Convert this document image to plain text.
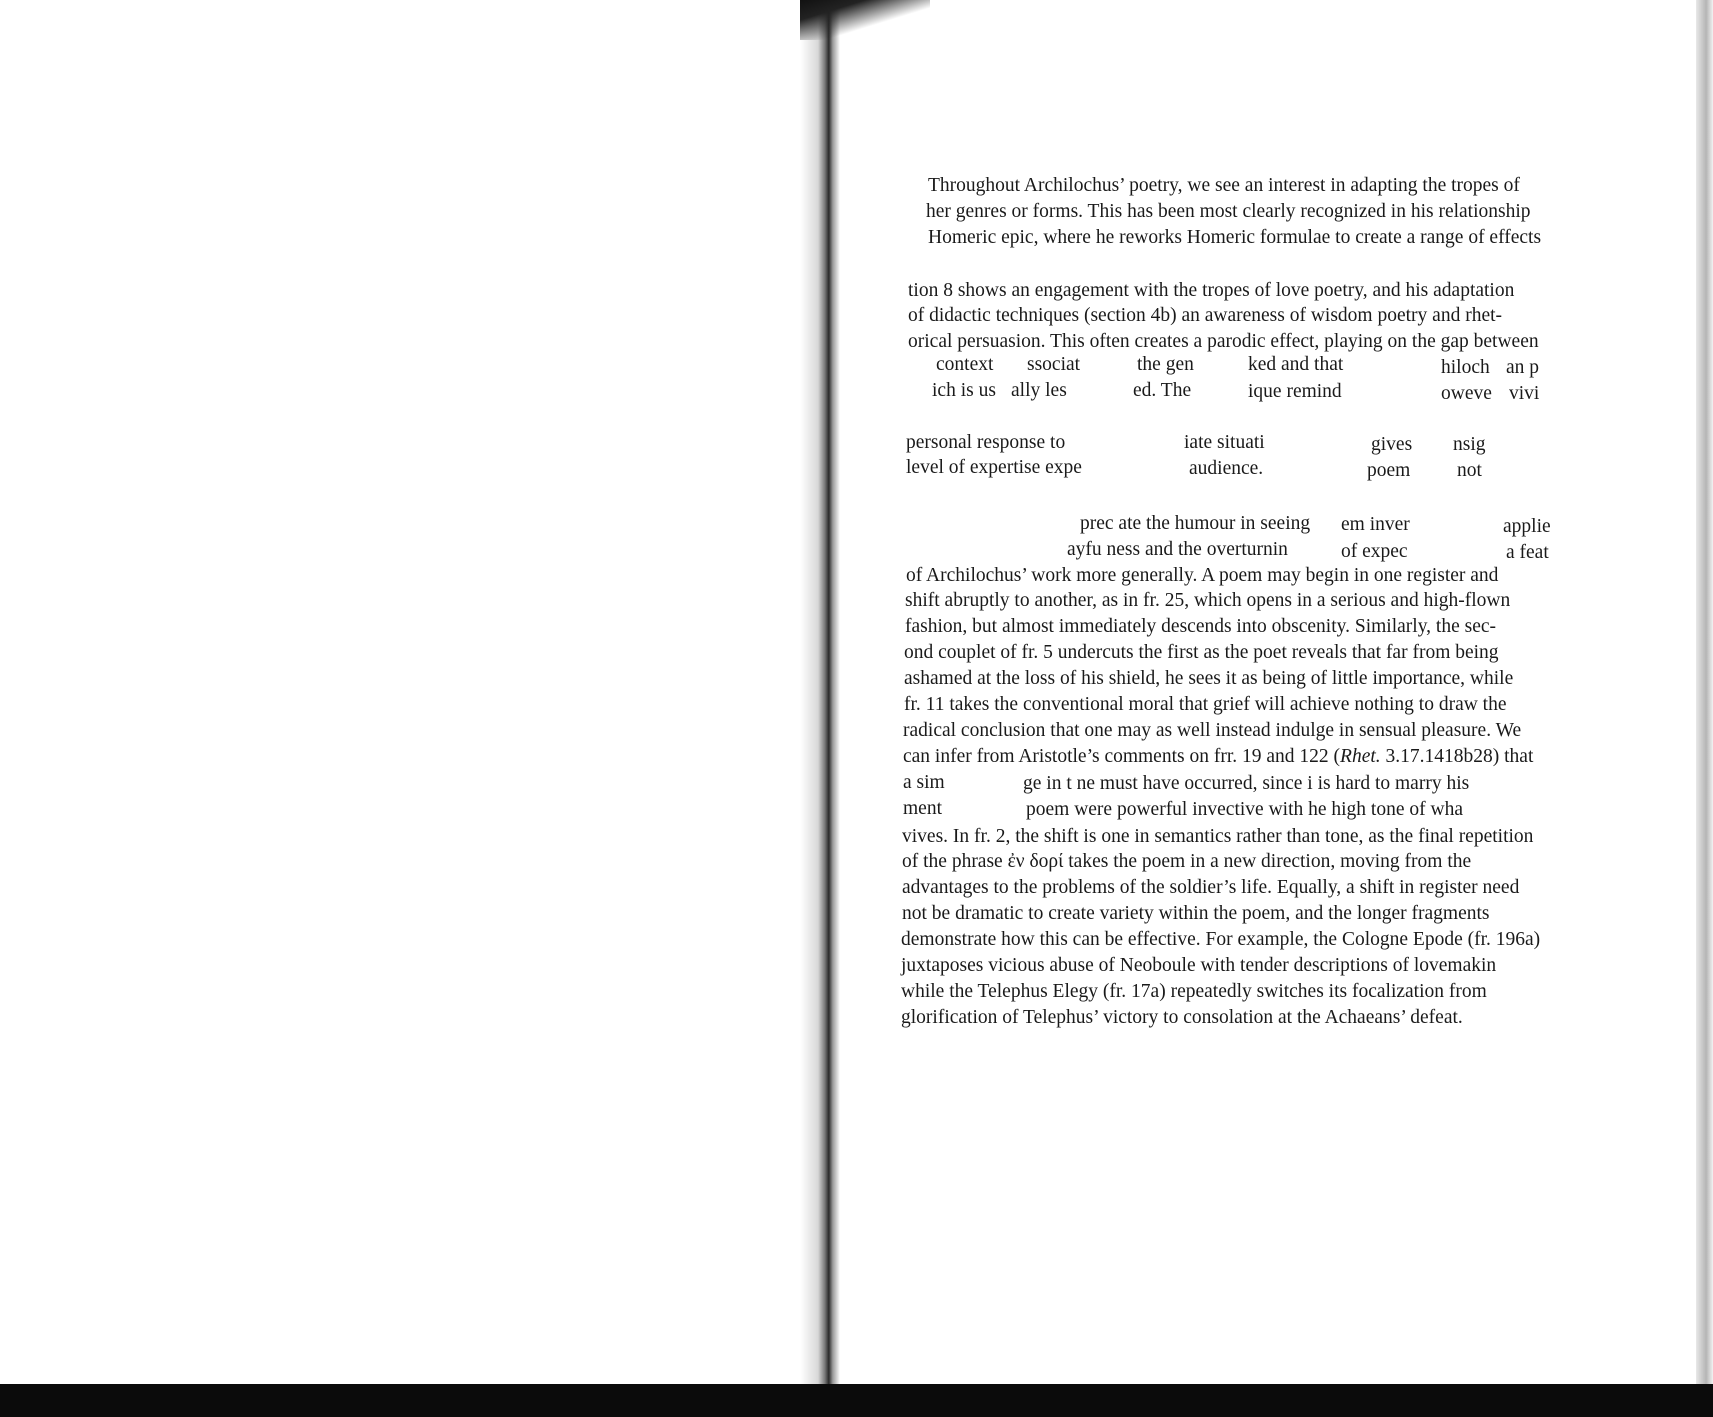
Throughout Archilochus’ poetry, we see an interest in adapting the tropes of
her genres or forms. This has been most clearly recognized in his relationship
Homeric epic, where he reworks Homeric formulae to create a range of effects
tion 8 shows an engagement with the tropes of love poetry, and his adaptation
of didactic techniques (section 4b) an awareness of wisdom poetry and rhet-
orical persuasion. This often creates a parodic effect, playing on the gap between
context ssociat	the gen	ked and that	hiloch an p
ich is us ally les	ed. The	ique remind	oweve vivi
personal response to	iate situati	gives nsig
level of expertise expe	audience.	poem not
prec ate the humour in seeing em inver	applie
ayfu ness and the overturnin	of expec	a feat
of Archilochus’ work more generally. A poem may begin in one register and
shift abruptly to another, as in fr. 25, which opens in a serious and high-flown
fashion, but almost immediately descends into obscenity. Similarly, the sec-
ond couplet of fr. 5 undercuts the first as the poet reveals that far from being
ashamed at the loss of his shield, he sees it as being of little importance, while
fr. 11 takes the conventional moral that grief will achieve nothing to draw the
radical conclusion that one may as well instead indulge in sensual pleasure. We
can infer from Aristotle’s comments on frr. 19 and 122 (Rhet. 3.17.1418b28) that
a sim	ge in t ne must have occurred, since i is hard to marry his
ment	poem were powerful invective with he high tone of wha
vives. In fr. 2, the shift is one in semantics rather than tone, as the final repetition
of the phrase ἐν δορί takes the poem in a new direction, moving from the
advantages to the problems of the soldier’s life. Equally, a shift in register need
not be dramatic to create variety within the poem, and the longer fragments
demonstrate how this can be effective. For example, the Cologne Epode (fr. 196a)
juxtaposes vicious abuse of Neoboule with tender descriptions of lovemakin
while the Telephus Elegy (fr. 17a) repeatedly switches its focalization from
glorification of Telephus’ victory to consolation at the Achaeans’ defeat.
